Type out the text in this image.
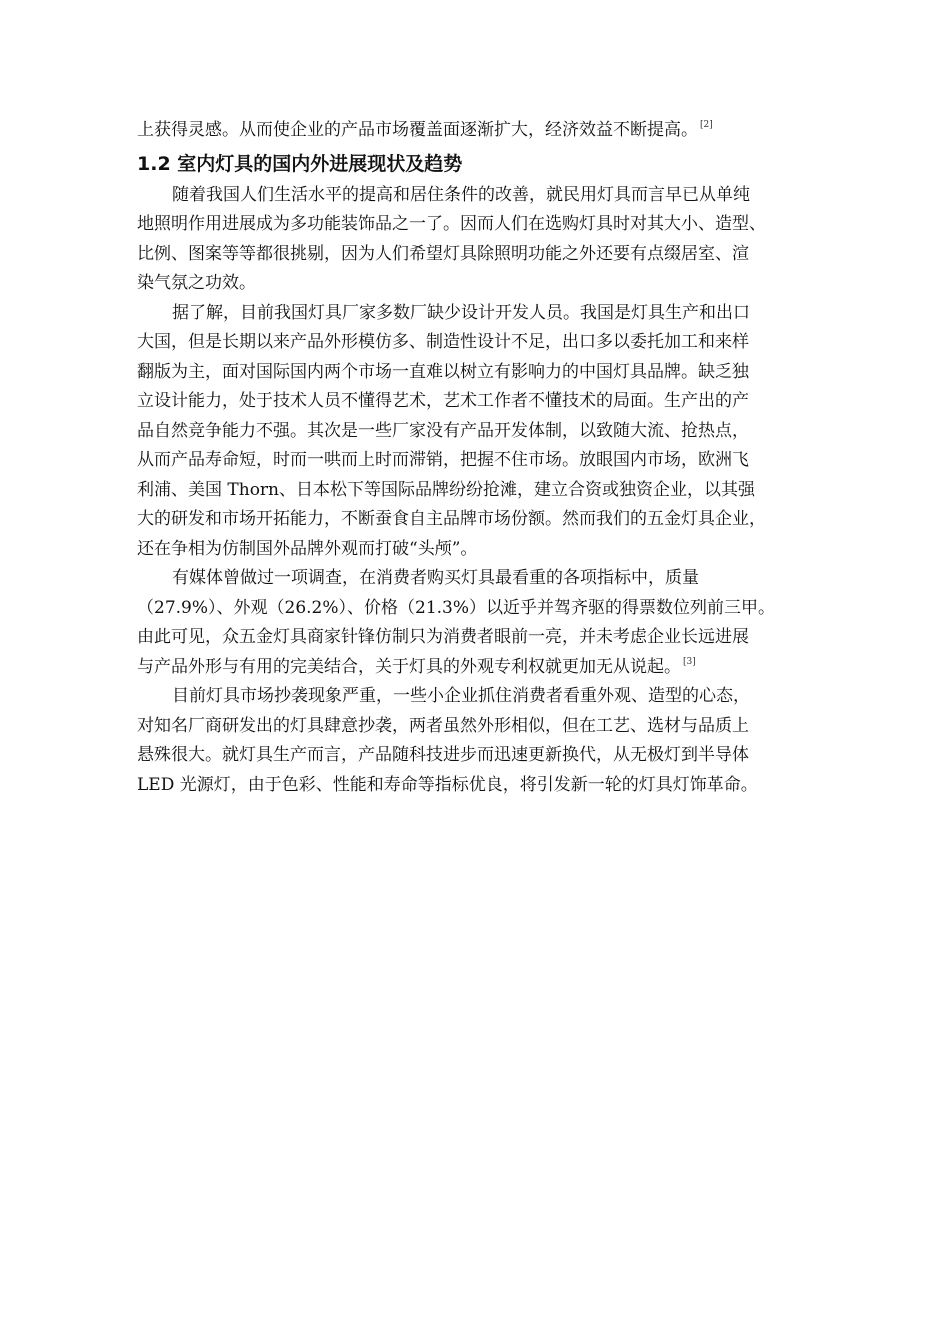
上获得灵感。从而使企业的产品市场覆盖面逐渐扩大，经济效益不断提高。 [2]
1.2 室内灯具的国内外进展现状及趋势
随着我国人们生活水平的提高和居住条件的改善，就民用灯具而言早已从单纯
地照明作用进展成为多功能装饰品之一了。因而人们在选购灯具时对其大小、造型、
比例、图案等等都很挑剔，因为人们希望灯具除照明功能之外还要有点缀居室、渲
染气氛之功效。
据了解，目前我国灯具厂家多数厂缺少设计开发人员。我国是灯具生产和出口
大国，但是长期以来产品外形模仿多、制造性设计不足，出口多以委托加工和来样
翻版为主，面对国际国内两个市场一直难以树立有影响力的中国灯具品牌。缺乏独
立设计能力，处于技术人员不懂得艺术，艺术工作者不懂技术的局面。生产出的产
品自然竞争能力不强。其次是一些厂家没有产品开发体制，以致随大流、抢热点，
从而产品寿命短，时而一哄而上时而滞销，把握不住市场。放眼国内市场，欧洲飞
利浦、美国 Thorn、日本松下等国际品牌纷纷抢滩，建立合资或独资企业，以其强
大的研发和市场开拓能力，不断蚕食自主品牌市场份额。然而我们的五金灯具企业，
还在争相为仿制国外品牌外观而打破“头颅”。
有媒体曾做过一项调查，在消费者购买灯具最看重的各项指标中，质量
（27.9%）、外观（26.2%）、价格（21.3%）以近乎并驾齐驱的得票数位列前三甲。
由此可见，众五金灯具商家针锋仿制只为消费者眼前一亮，并未考虑企业长远进展
与产品外形与有用的完美结合，关于灯具的外观专利权就更加无从说起。 [3]
目前灯具市场抄袭现象严重，一些小企业抓住消费者看重外观、造型的心态，
对知名厂商研发出的灯具肆意抄袭，两者虽然外形相似，但在工艺、选材与品质上
悬殊很大。就灯具生产而言，产品随科技进步而迅速更新换代，从无极灯到半导体
LED 光源灯，由于色彩、性能和寿命等指标优良，将引发新一轮的灯具灯饰革命。
